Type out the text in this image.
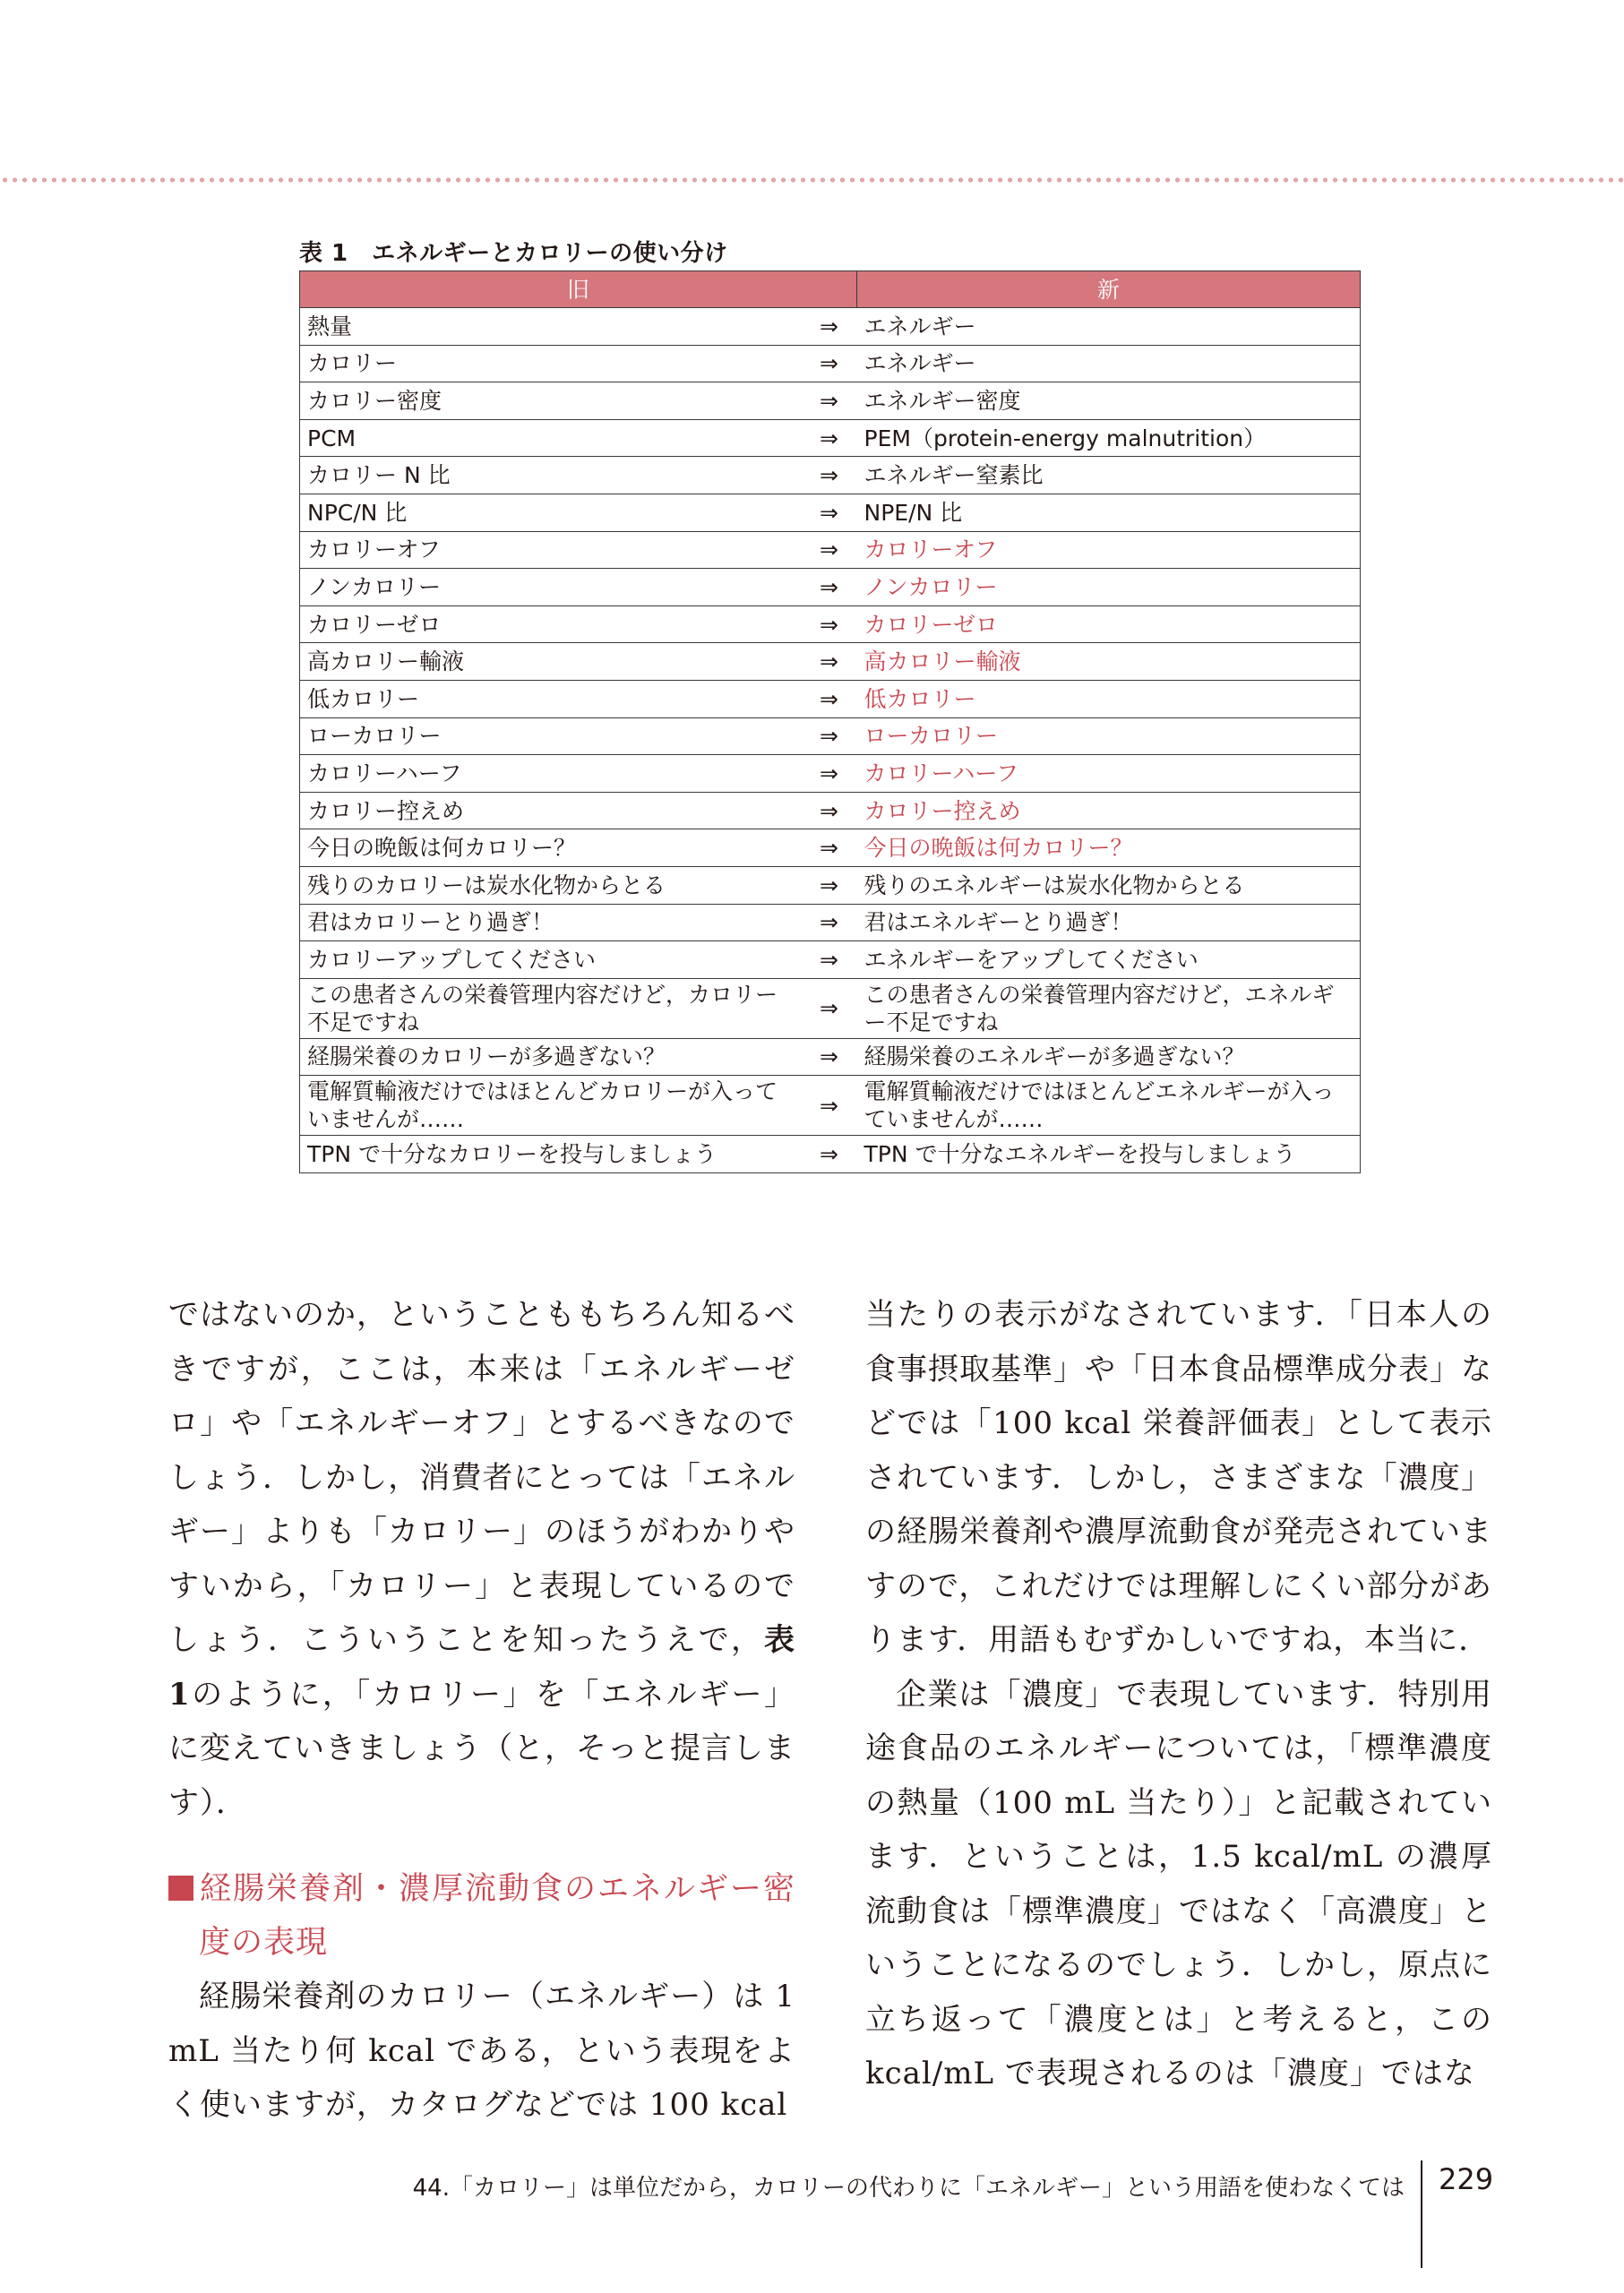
表 1　エネルギーとカロリーの使い分け
旧		新
熱量	⇒	エネルギー
カロリー	⇒	エネルギー
カロリー密度	⇒	エネルギー密度
PCM	⇒	PEM（protein-energy malnutrition）
カロリー N 比	⇒	エネルギー窒素比
NPC/N 比	⇒	NPE/N 比
カロリーオフ	⇒	カロリーオフ
ノンカロリー	⇒	ノンカロリー
カロリーゼロ	⇒	カロリーゼロ
高カロリー輸液	⇒	高カロリー輸液
低カロリー	⇒	低カロリー
ローカロリー	⇒	ローカロリー
カロリーハーフ	⇒	カロリーハーフ
カロリー控えめ	⇒	カロリー控えめ
今日の晩飯は何カロリー？	⇒	今日の晩飯は何カロリー？
残りのカロリーは炭水化物からとる	⇒	残りのエネルギーは炭水化物からとる
君はカロリーとり過ぎ！	⇒	君はエネルギーとり過ぎ！
カロリーアップしてください	⇒	エネルギーをアップしてください
この患者さんの栄養管理内容だけど，カロリー不足ですね	⇒	この患者さんの栄養管理内容だけど，エネルギー不足ですね
経腸栄養のカロリーが多過ぎない？	⇒	経腸栄養のエネルギーが多過ぎない？
電解質輸液だけではほとんどカロリーが入っていませんが……	⇒	電解質輸液だけではほとんどエネルギーが入っていませんが……
TPN で十分なカロリーを投与しましょう	⇒	TPN で十分なエネルギーを投与しましょう

ではないのか，ということももちろん知るべきですが，ここは，本来は「エネルギーゼロ」や「エネルギーオフ」とするべきなのでしょう．しかし，消費者にとっては「エネルギー」よりも「カロリー」のほうがわかりやすいから，「カロリー」と表現しているのでしょう．こういうことを知ったうえで，表 1のように，「カロリー」を「エネルギー」に変えていきましょう（と，そっと提言します）．

経腸栄養剤・濃厚流動食のエネルギー密度の表現

経腸栄養剤のカロリー（エネルギー）は 1 mL 当たり何 kcal である，という表現をよく使いますが，カタログなどでは 100 kcal

当たりの表示がなされています．「日本人の食事摂取基準」や「日本食品標準成分表」などでは「100 kcal 栄養評価表」として表示されています．しかし，さまざまな「濃度」の経腸栄養剤や濃厚流動食が発売されていますので，これだけでは理解しにくい部分があります．用語もむずかしいですね，本当に．

企業は「濃度」で表現しています．特別用途食品のエネルギーについては，「標準濃度の熱量（100 mL 当たり）」と記載されています．ということは，1.5 kcal/mL の濃厚流動食は「標準濃度」ではなく「高濃度」ということになるのでしょう．しかし，原点に立ち返って「濃度とは」と考えると，この kcal/mL で表現されるのは「濃度」ではな

44.「カロリー」は単位だから，カロリーの代わりに「エネルギー」という用語を使わなくては 229
